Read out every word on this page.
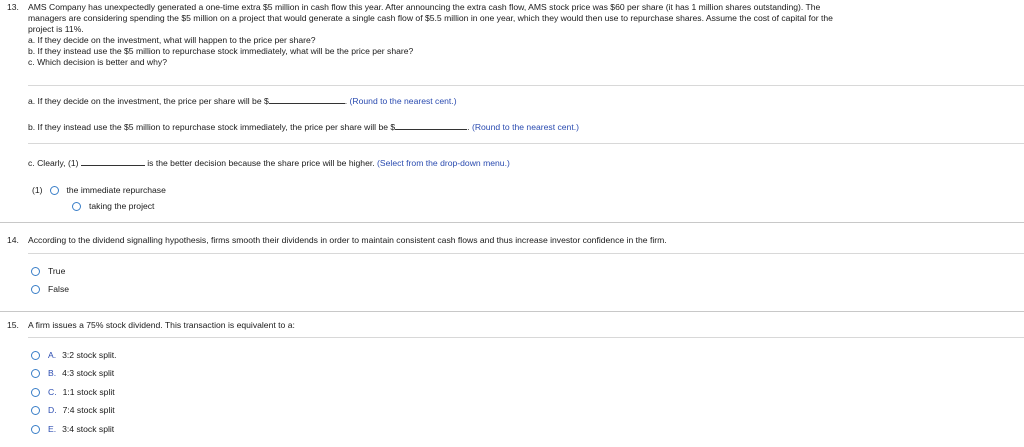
13. AMS Company has unexpectedly generated a one-time extra $5 million in cash flow this year. After announcing the extra cash flow, AMS stock price was $60 per share (it has 1 million shares outstanding). The
managers are considering spending the $5 million on a project that would generate a single cash flow of $5.5 million in one year, which they would then use to repurchase shares. Assume the cost of capital for the
project is 11%.
a. If they decide on the investment, what will happen to the price per share?
b. If they instead use the $5 million to repurchase stock immediately, what will be the price per share?
c. Which decision is better and why?
a. If they decide on the investment, the price per share will be $	. (Round to the nearest cent.)
b. If they instead use the $5 million to repurchase stock immediately, the price per share will be $	. (Round to the nearest cent.)
c. Clearly, (1)	is the better decision because the share price will be higher. (Select from the drop-down menu.)
(1)	the immediate repurchase
taking the project
14. According to the dividend signalling hypothesis, firms smooth their dividends in order to maintain consistent cash flows and thus increase investor confidence in the firm.
True
False
15. A firm issues a 75% stock dividend. This transaction is equivalent to a:
A. 3:2 stock split.
B. 4:3 stock split
C. 1:1 stock split
D. 7:4 stock split
E. 3:4 stock split
